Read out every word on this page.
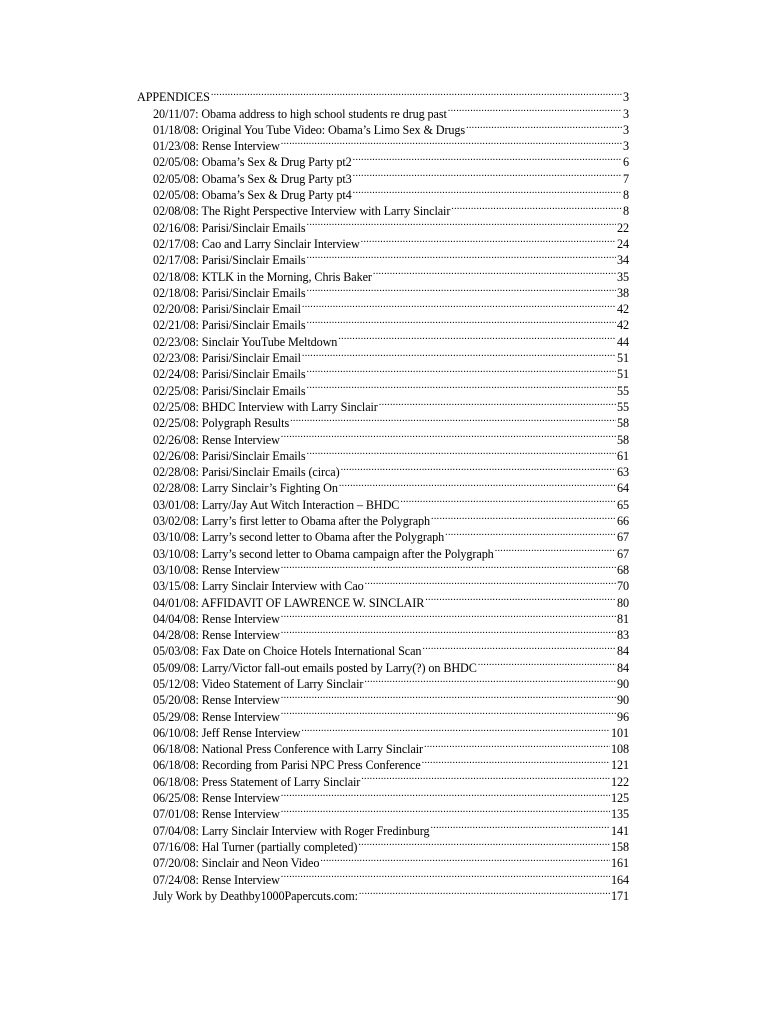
APPENDICES .....	3
20/11/07: Obama address to high school students re drug past .....	3
01/18/08: Original You Tube Video: Obama’s Limo Sex & Drugs .....	3
01/23/08: Rense Interview .....	3
02/05/08: Obama’s Sex & Drug Party pt2 .....	6
02/05/08: Obama’s Sex & Drug Party pt3 .....	7
02/05/08: Obama’s Sex & Drug Party pt4 .....	8
02/08/08: The Right Perspective Interview with Larry Sinclair .....	8
02/16/08: Parisi/Sinclair Emails .....	22
02/17/08: Cao and Larry Sinclair Interview .....	24
02/17/08: Parisi/Sinclair Emails .....	34
02/18/08: KTLK in the Morning, Chris Baker .....	35
02/18/08: Parisi/Sinclair Emails .....	38
02/20/08: Parisi/Sinclair Email .....	42
02/21/08: Parisi/Sinclair Emails .....	42
02/23/08: Sinclair YouTube Meltdown .....	44
02/23/08: Parisi/Sinclair Email .....	51
02/24/08: Parisi/Sinclair Emails .....	51
02/25/08: Parisi/Sinclair Emails .....	55
02/25/08: BHDC Interview with Larry Sinclair .....	55
02/25/08: Polygraph Results .....	58
02/26/08: Rense Interview .....	58
02/26/08: Parisi/Sinclair Emails .....	61
02/28/08: Parisi/Sinclair Emails (circa) .....	63
02/28/08: Larry Sinclair’s Fighting On .....	64
03/01/08: Larry/Jay Aut Witch Interaction – BHDC .....	65
03/02/08: Larry’s first letter to Obama after the Polygraph .....	66
03/10/08: Larry’s second letter to Obama after the Polygraph .....	67
03/10/08: Larry’s second letter to Obama campaign after the Polygraph .....	67
03/10/08: Rense Interview .....	68
03/15/08: Larry Sinclair Interview with Cao .....	70
04/01/08: AFFIDAVIT OF LAWRENCE W. SINCLAIR .....	80
04/04/08: Rense Interview .....	81
04/28/08: Rense Interview .....	83
05/03/08: Fax Date on Choice Hotels International Scan .....	84
05/09/08: Larry/Victor fall-out emails posted by Larry(?) on BHDC .....	84
05/12/08: Video Statement of Larry Sinclair .....	90
05/20/08: Rense Interview .....	90
05/29/08: Rense Interview .....	96
06/10/08: Jeff Rense Interview .....	101
06/18/08: National Press Conference with Larry Sinclair .....	108
06/18/08: Recording from Parisi NPC Press Conference .....	121
06/18/08: Press Statement of Larry Sinclair .....	122
06/25/08: Rense Interview .....	125
07/01/08: Rense Interview .....	135
07/04/08: Larry Sinclair Interview with Roger Fredinburg .....	141
07/16/08: Hal Turner (partially completed) .....	158
07/20/08: Sinclair and Neon Video .....	161
07/24/08: Rense Interview .....	164
July Work by Deathby1000Papercuts.com: .....	171
